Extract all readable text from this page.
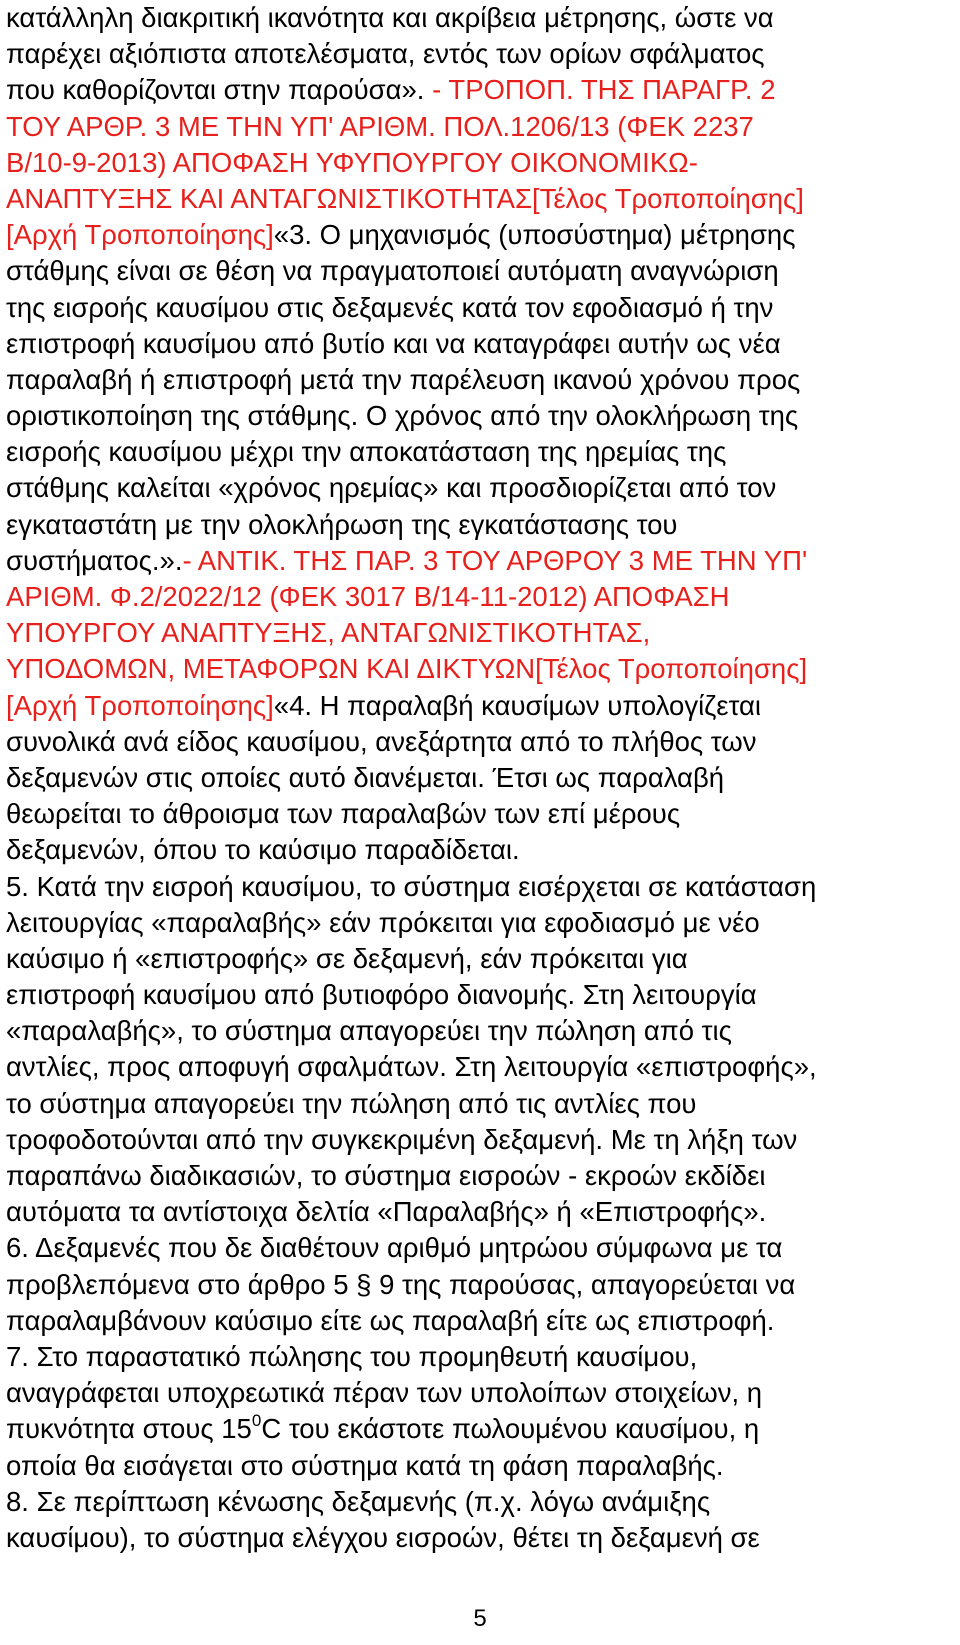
κατάλληλη διακριτική ικανότητα και ακρίβεια μέτρησης, ώστε να
παρέχει αξιόπιστα αποτελέσματα, εντός των ορίων σφάλματος
που καθορίζονται στην παρούσα». - ΤΡΟΠΟΠ. ΤΗΣ ΠΑΡΑΓΡ. 2
ΤΟΥ ΑΡΘΡ. 3 ΜΕ ΤΗΝ ΥΠ' ΑΡΙΘΜ. ΠΟΛ.1206/13 (ΦΕΚ 2237
Β/10-9-2013) ΑΠΟΦΑΣΗ ΥΦΥΠΟΥΡΓΟΥ ΟΙΚΟΝΟΜΙΚΩ-
ΑΝΑΠΤΥΞΗΣ ΚΑΙ ΑΝΤΑΓΩΝΙΣΤΙΚΟΤΗΤΑΣ[Τέλος Τροποποίησης]
[Αρχή Τροποποίησης]«3. Ο μηχανισμός (υποσύστημα) μέτρησης
στάθμης είναι σε θέση να πραγματοποιεί αυτόματη αναγνώριση
της εισροής καυσίμου στις δεξαμενές κατά τον εφοδιασμό ή την
επιστροφή καυσίμου από βυτίο και να καταγράφει αυτήν ως νέα
παραλαβή ή επιστροφή μετά την παρέλευση ικανού χρόνου προς
οριστικοποίηση της στάθμης. Ο χρόνος από την ολοκλήρωση της
εισροής καυσίμου μέχρι την αποκατάσταση της ηρεμίας της
στάθμης καλείται «χρόνος ηρεμίας» και προσδιορίζεται από τον
εγκαταστάτη με την ολοκλήρωση της εγκατάστασης του
συστήματος.».- ΑΝΤΙΚ. ΤΗΣ ΠΑΡ. 3 ΤΟΥ ΑΡΘΡΟΥ 3 ΜΕ ΤΗΝ ΥΠ'
ΑΡΙΘΜ. Φ.2/2022/12 (ΦΕΚ 3017 Β/14-11-2012) ΑΠΟΦΑΣΗ
ΥΠΟΥΡΓΟΥ ΑΝΑΠΤΥΞΗΣ, ΑΝΤΑΓΩΝΙΣΤΙΚΟΤΗΤΑΣ,
ΥΠΟΔΟΜΩΝ, ΜΕΤΑΦΟΡΩΝ ΚΑΙ ΔΙΚΤΥΩΝ[Τέλος Τροποποίησης]
[Αρχή Τροποποίησης]«4. Η παραλαβή καυσίμων υπολογίζεται
συνολικά ανά είδος καυσίμου, ανεξάρτητα από το πλήθος των
δεξαμενών στις οποίες αυτό διανέμεται. Έτσι ως παραλαβή
θεωρείται το άθροισμα των παραλαβών των επί μέρους
δεξαμενών, όπου το καύσιμο παραδίδεται.
5. Κατά την εισροή καυσίμου, το σύστημα εισέρχεται σε κατάσταση
λειτουργίας «παραλαβής» εάν πρόκειται για εφοδιασμό με νέο
καύσιμο ή «επιστροφής» σε δεξαμενή, εάν πρόκειται για
επιστροφή καυσίμου από βυτιοφόρο διανομής. Στη λειτουργία
«παραλαβής», το σύστημα απαγορεύει την πώληση από τις
αντλίες, προς αποφυγή σφαλμάτων. Στη λειτουργία «επιστροφής»,
το σύστημα απαγορεύει την πώληση από τις αντλίες που
τροφοδοτούνται από την συγκεκριμένη δεξαμενή. Με τη λήξη των
παραπάνω διαδικασιών, το σύστημα εισροών - εκροών εκδίδει
αυτόματα τα αντίστοιχα δελτία «Παραλαβής» ή «Επιστροφής».
6. Δεξαμενές που δε διαθέτουν αριθμό μητρώου σύμφωνα με τα
προβλεπόμενα στο άρθρο 5 § 9 της παρούσας, απαγορεύεται να
παραλαμβάνουν καύσιμο είτε ως παραλαβή είτε ως επιστροφή.
7. Στο παραστατικό πώλησης του προμηθευτή καυσίμου,
αναγράφεται υποχρεωτικά πέραν των υπολοίπων στοιχείων, η
πυκνότητα στους $15^0C$ του εκάστοτε πωλουμένου καυσίμου, η
οποία θα εισάγεται στο σύστημα κατά τη φάση παραλαβής.
8. Σε περίπτωση κένωσης δεξαμενής (π.χ. λόγω ανάμιξης
καυσίμου), το σύστημα ελέγχου εισροών, θέτει τη δεξαμενή σε
5
